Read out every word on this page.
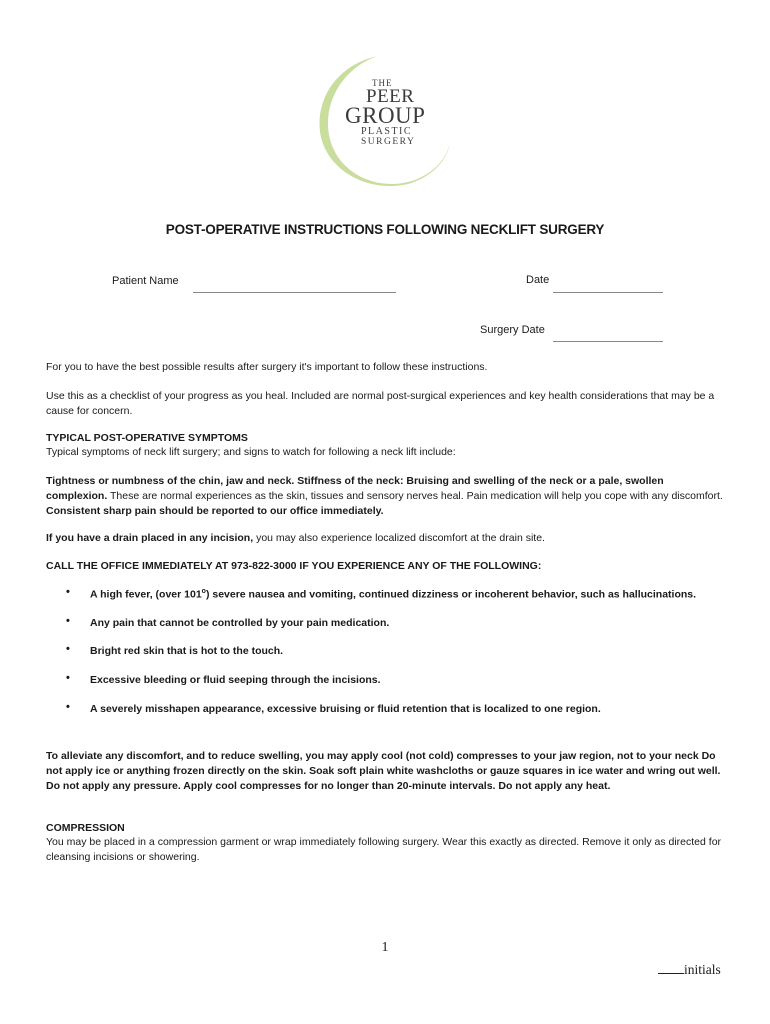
THE
PEER
GROUP
PLASTIC
SURGERY
POST-OPERATIVE INSTRUCTIONS FOLLOWING NECKLIFT SURGERY
Patient Name	Date
Surgery Date
For you to have the best possible results after surgery it's important to follow these instructions.
Use this as a checklist of your progress as you heal. Included are normal post-surgical experiences and key health considerations that may be a cause for concern.
TYPICAL POST-OPERATIVE SYMPTOMS
Typical symptoms of neck lift surgery; and signs to watch for following a neck lift include:
Tightness or numbness of the chin, jaw and neck. Stiffness of the neck: Bruising and swelling of the neck or a pale, swollen complexion. These are normal experiences as the skin, tissues and sensory nerves heal. Pain medication will help you cope with any discomfort. Consistent sharp pain should be reported to our office immediately.
If you have a drain placed in any incision, you may also experience localized discomfort at the drain site.
CALL THE OFFICE IMMEDIATELY AT 973-822-3000 IF YOU EXPERIENCE ANY OF THE FOLLOWING:
• A high fever, (over 101$^o$) severe nausea and vomiting, continued dizziness or incoherent behavior, such as hallucinations.
• Any pain that cannot be controlled by your pain medication.
• Bright red skin that is hot to the touch.
• Excessive bleeding or fluid seeping through the incisions.
• A severely misshapen appearance, excessive bruising or fluid retention that is localized to one region.
To alleviate any discomfort, and to reduce swelling, you may apply cool (not cold) compresses to your jaw region, not to your neck Do not apply ice or anything frozen directly on the skin. Soak soft plain white washcloths or gauze squares in ice water and wring out well. Do not apply any pressure. Apply cool compresses for no longer than 20-minute intervals. Do not apply any heat.
COMPRESSION
You may be placed in a compression garment or wrap immediately following surgery. Wear this exactly as directed. Remove it only as directed for cleansing incisions or showering.
1
initials
